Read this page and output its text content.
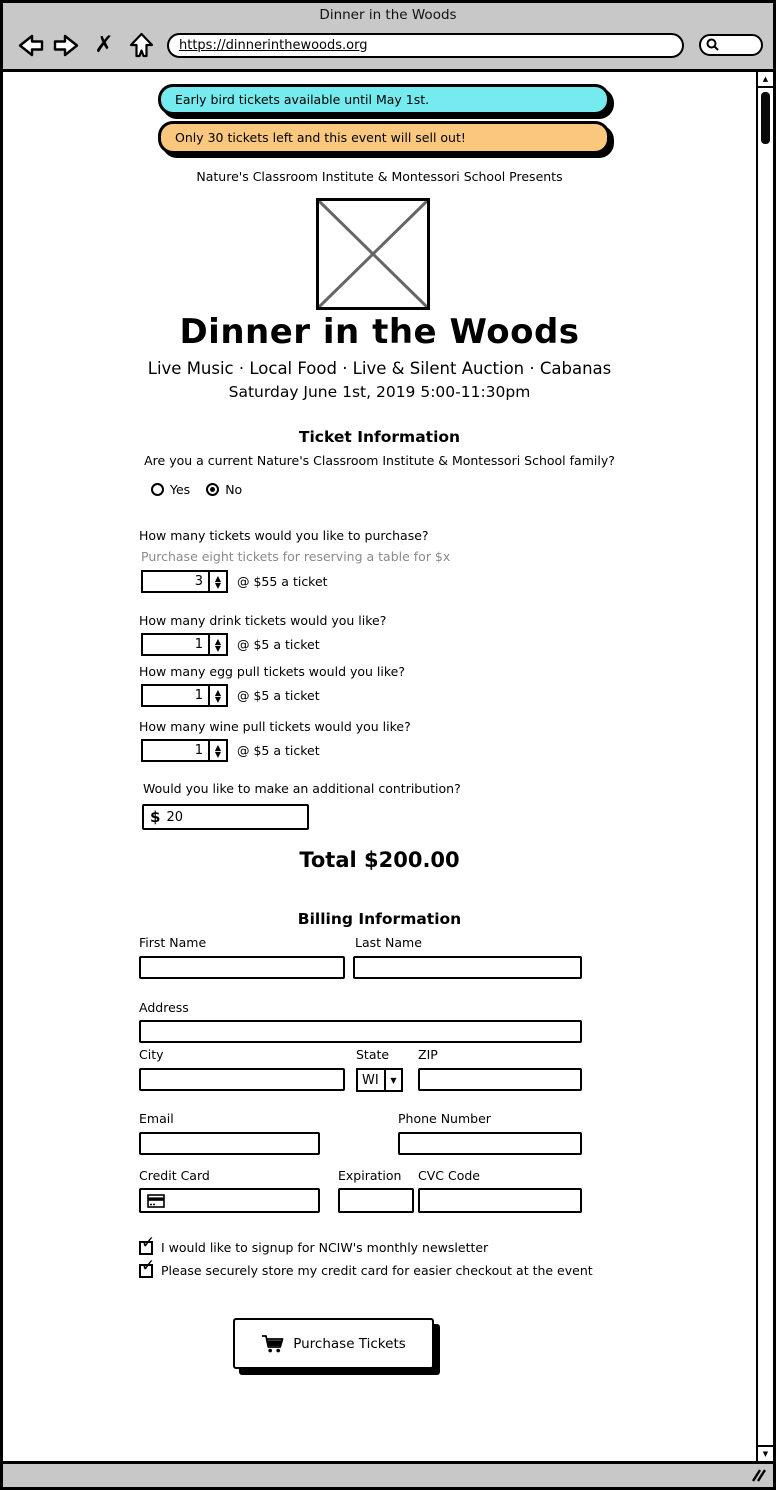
Dinner in the Woods
✗	https://dinnerinthewoods.org
Early bird tickets available until May 1st.
Only 30 tickets left and this event will sell out!
Nature's Classroom Institute & Montessori School Presents
Dinner in the Woods
Live Music · Local Food · Live & Silent Auction · Cabanas
Saturday June 1st, 2019 5:00-11:30pm
Ticket Information
Are you a current Nature's Classroom Institute & Montessori School family?
Yes	No
How many tickets would you like to purchase?
Purchase eight tickets for reserving a table for $x
3	▲
▼ @ $55 a ticket
How many drink tickets would you like?
1	▲
▼ @ $5 a ticket
How many egg pull tickets would you like?
1	▲
▼ @ $5 a ticket
How many wine pull tickets would you like?
1	▲
▼ @ $5 a ticket
Would you like to make an additional contribution?
$ 20
Total $200.00
Billing Information
First Name	Last Name
Address
City	State ZIP
WI	▼
Email	Phone Number
Credit Card	Expiration CVC Code
✓ I would like to signup for NCIW's monthly newsletter
✓ Please securely store my credit card for easier checkout at the event
Purchase Tickets
▲
▼
